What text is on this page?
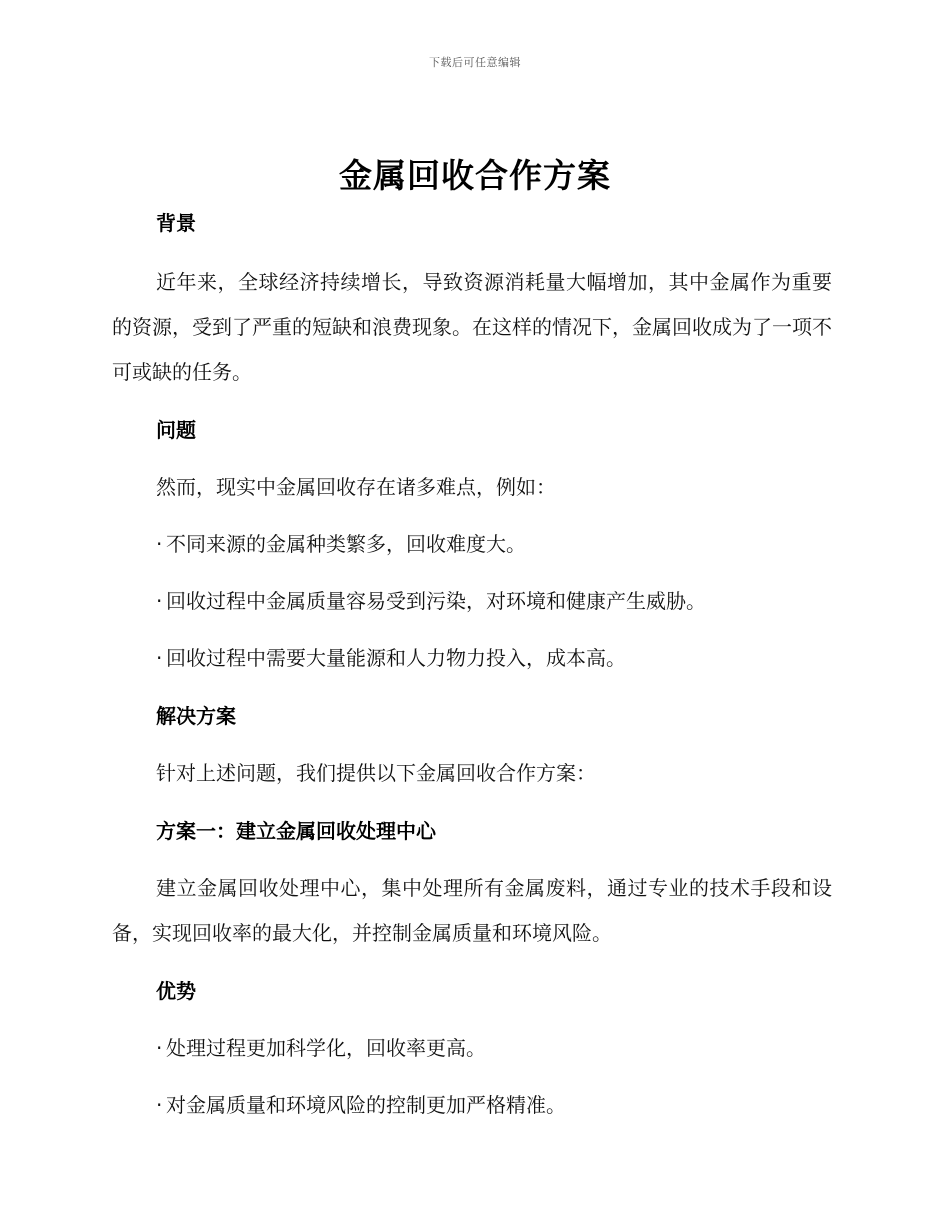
下载后可任意编辑
金属回收合作方案
背景
近年来，全球经济持续增长，导致资源消耗量大幅增加，其中金属作为重要的资源，受到了严重的短缺和浪费现象。在这样的情况下，金属回收成为了一项不可或缺的任务。
问题
然而，现实中金属回收存在诸多难点，例如：
· 不同来源的金属种类繁多，回收难度大。
· 回收过程中金属质量容易受到污染，对环境和健康产生威胁。
· 回收过程中需要大量能源和人力物力投入，成本高。
解决方案
针对上述问题，我们提供以下金属回收合作方案：
方案一：建立金属回收处理中心
建立金属回收处理中心，集中处理所有金属废料，通过专业的技术手段和设备，实现回收率的最大化，并控制金属质量和环境风险。
优势
· 处理过程更加科学化，回收率更高。
· 对金属质量和环境风险的控制更加严格精准。
